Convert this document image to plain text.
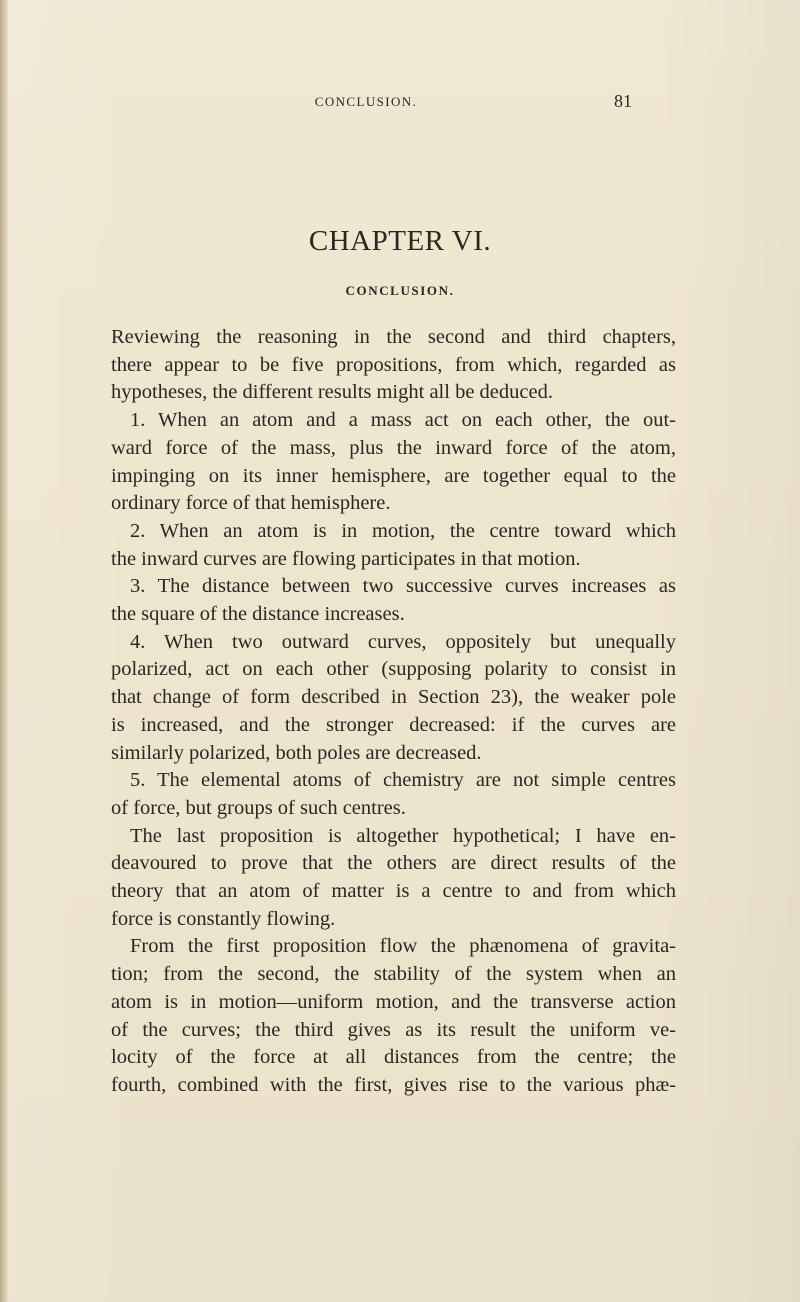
CONCLUSION.	81
CHAPTER VI.
CONCLUSION.
Reviewing the reasoning in the second and third chapters,
there appear to be five propositions, from which, regarded as
hypotheses, the different results might all be deduced.
1. When an atom and a mass act on each other, the out-
ward force of the mass, plus the inward force of the atom,
impinging on its inner hemisphere, are together equal to the
ordinary force of that hemisphere.
2. When an atom is in motion, the centre toward which
the inward curves are flowing participates in that motion.
3. The distance between two successive curves increases as
the square of the distance increases.
4. When two outward curves, oppositely but unequally
polarized, act on each other (supposing polarity to consist in
that change of form described in Section 23), the weaker pole
is increased, and the stronger decreased: if the curves are
similarly polarized, both poles are decreased.
5. The elemental atoms of chemistry are not simple centres
of force, but groups of such centres.
The last proposition is altogether hypothetical; I have en-
deavoured to prove that the others are direct results of the
theory that an atom of matter is a centre to and from which
force is constantly flowing.
From the first proposition flow the phænomena of gravita-
tion; from the second, the stability of the system when an
atom is in motion—uniform motion, and the transverse action
of the curves; the third gives as its result the uniform ve-
locity of the force at all distances from the centre; the
fourth, combined with the first, gives rise to the various phæ-
